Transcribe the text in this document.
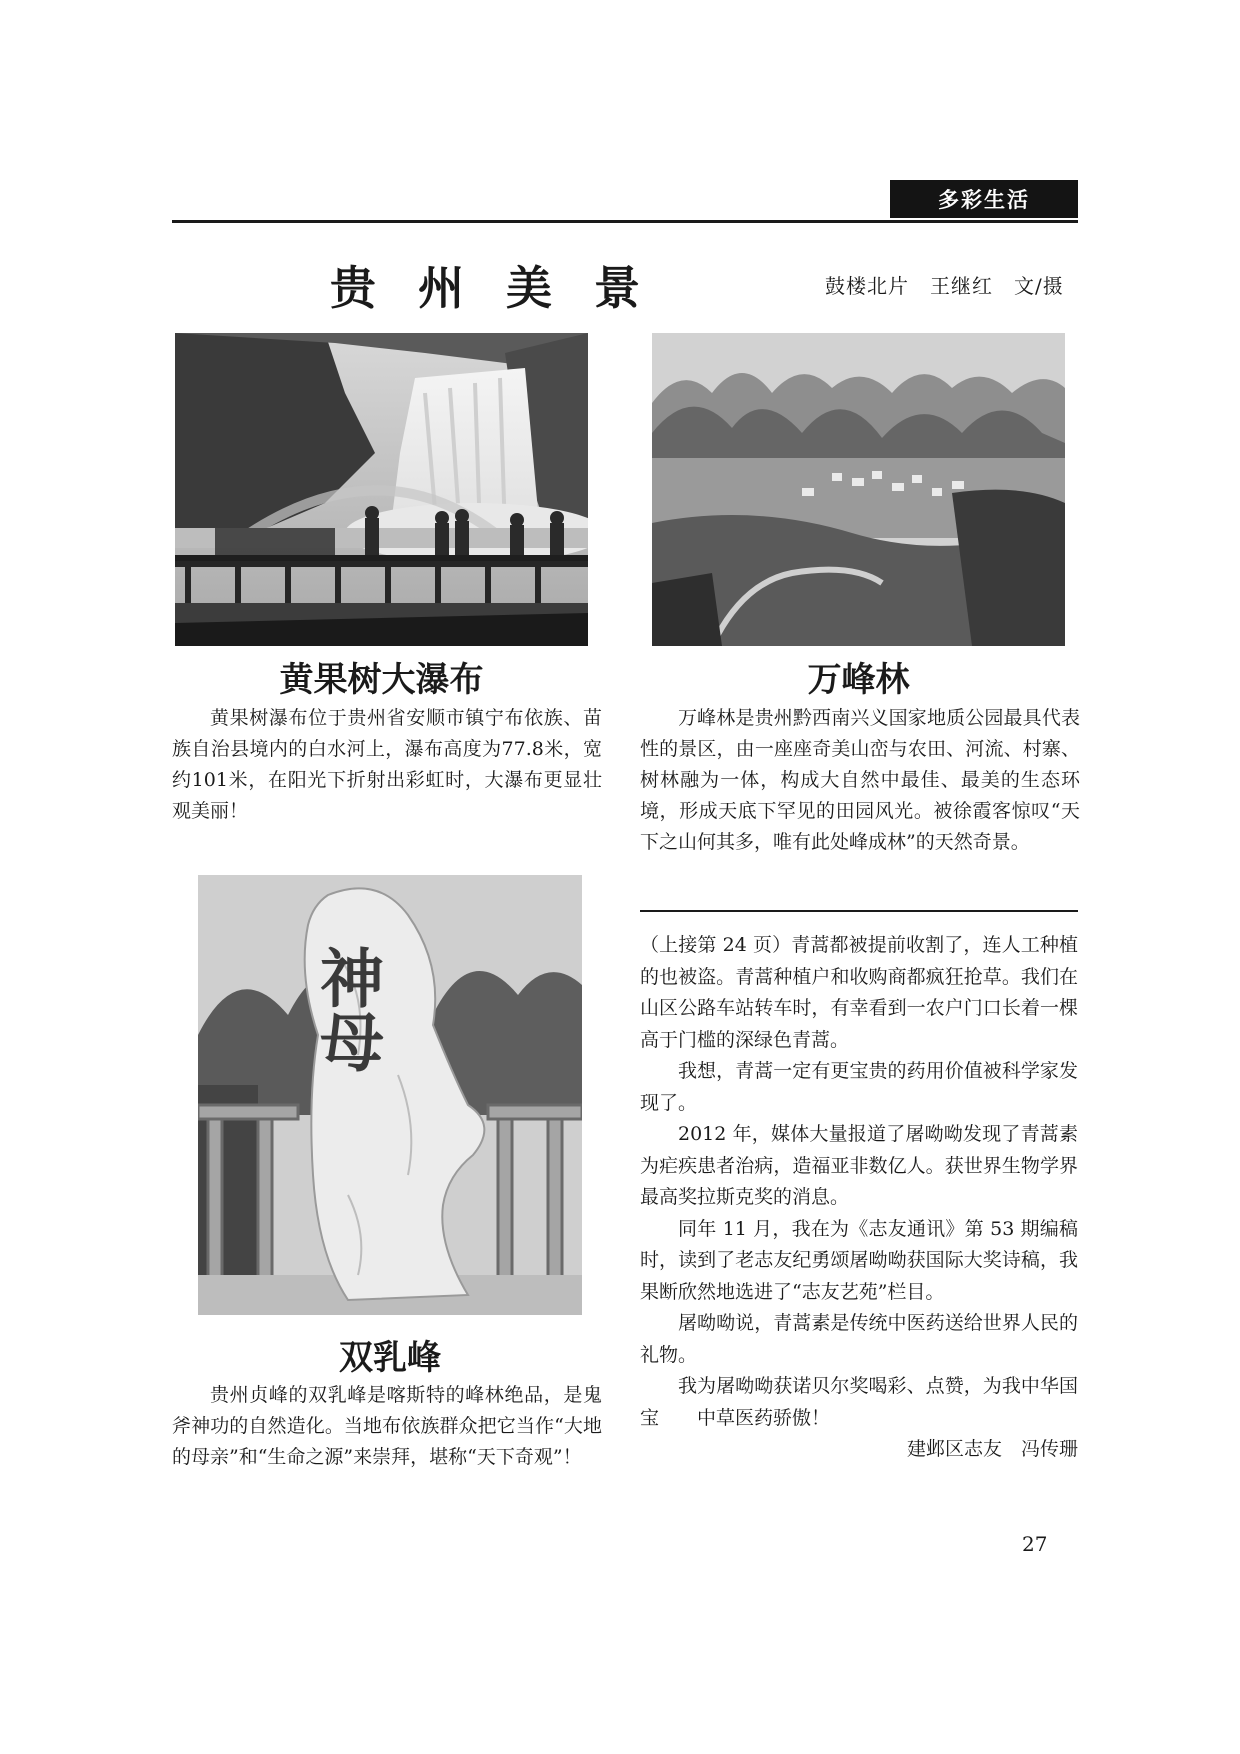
多彩生活
贵州美景	鼓楼北片　王继红　文/摄
黄果树大瀑布

黄果树瀑布位于贵州省安顺市镇宁布依族、苗族自治县境内的白水河上，瀑布高度为77.8米，宽约101米，在阳光下折射出彩虹时，大瀑布更显壮观美丽！

万峰林

万峰林是贵州黔西南兴义国家地质公园最具代表性的景区，由一座座奇美山峦与农田、河流、村寨、树林融为一体，构成大自然中最佳、最美的生态环境，形成天底下罕见的田园风光。被徐霞客惊叹“天下之山何其多，唯有此处峰成林”的天然奇景。

神母
双乳峰

贵州贞峰的双乳峰是喀斯特的峰林绝品，是鬼斧神功的自然造化。当地布依族群众把它当作“大地的母亲”和“生命之源”来崇拜，堪称“天下奇观”！

（上接第 24 页）青蒿都被提前收割了，连人工种植的也被盗。青蒿种植户和收购商都疯狂抢草。我们在山区公路车站转车时，有幸看到一农户门口长着一棵高于门槛的深绿色青蒿。

我想，青蒿一定有更宝贵的药用价值被科学家发现了。

2012 年，媒体大量报道了屠呦呦发现了青蒿素为疟疾患者治病，造福亚非数亿人。获世界生物学界最高奖拉斯克奖的消息。

同年 11 月，我在为《志友通讯》第 53 期编稿时，读到了老志友纪勇颂屠呦呦获国际大奖诗稿，我果断欣然地选进了“志友艺苑”栏目。

屠呦呦说，青蒿素是传统中医药送给世界人民的礼物。

我为屠呦呦获诺贝尔奖喝彩、点赞，为我中华国宝　　中草医药骄傲！

建邺区志友　冯传珊
27
